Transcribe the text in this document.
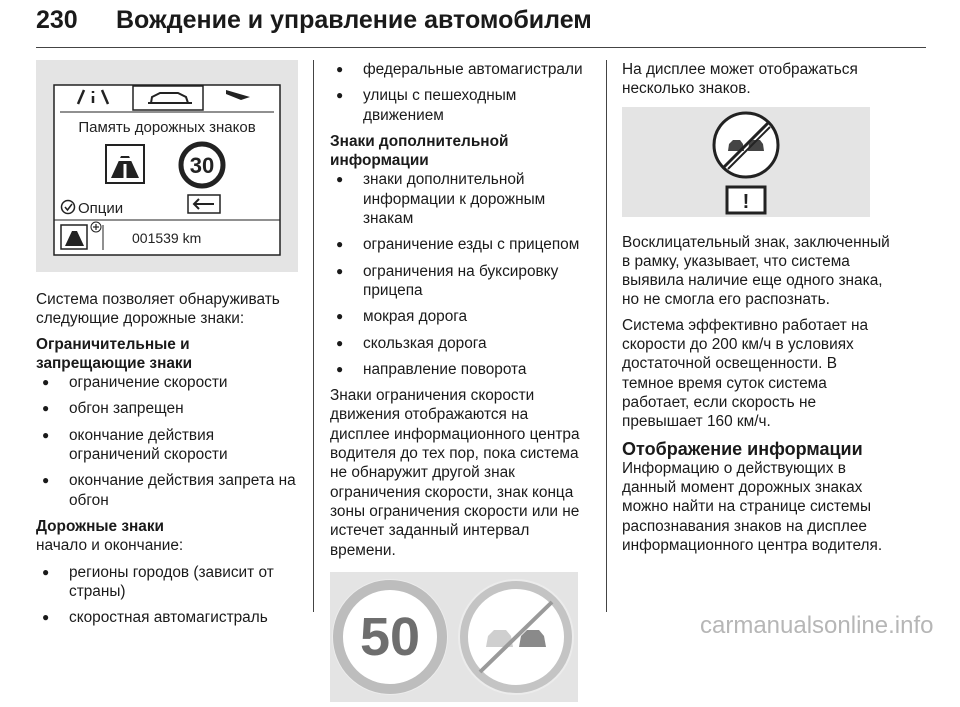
230 Вождение и управление автомобилем
Память дорожных знаков
30
Опции
001539 km

Система позволяет обнаруживать следующие дорожные знаки:

Ограничительные и запрещающие знаки

● ограничение скорости
● обгон запрещен
● окончание действия ограничений скорости
● окончание действия запрета на обгон

Дорожные знаки

начало и окончание:

● регионы городов (зависит от страны)
● скоростная автомагистраль
● федеральные автомагистрали
● улицы с пешеходным движением

Знаки дополнительной информации

● знаки дополнительной информации к дорожным знакам
● ограничение езды с прицепом
● ограничения на буксировку прицепа
● мокрая дорога
● скользкая дорога
● направление поворота

Знаки ограничения скорости движения отображаются на дисплее информационного центра водителя до тех пор, пока система не обнаружит другой знак ограничения скорости, знак конца зоны ограничения скорости или не истечет заданный интервал времени.

50

На дисплее может отображаться несколько знаков.

!

Восклицательный знак, заключенный в рамку, указывает, что система выявила наличие еще одного знака, но не смогла его распознать.

Система эффективно работает на скорости до 200 км/ч в условиях достаточной освещенности. В темное время суток система работает, если скорость не превышает 160 км/ч.

Отображение информации

Информацию о действующих в данный момент дорожных знаках можно найти на странице системы распознавания знаков на дисплее информационного центра водителя.

carmanualsonline.info
